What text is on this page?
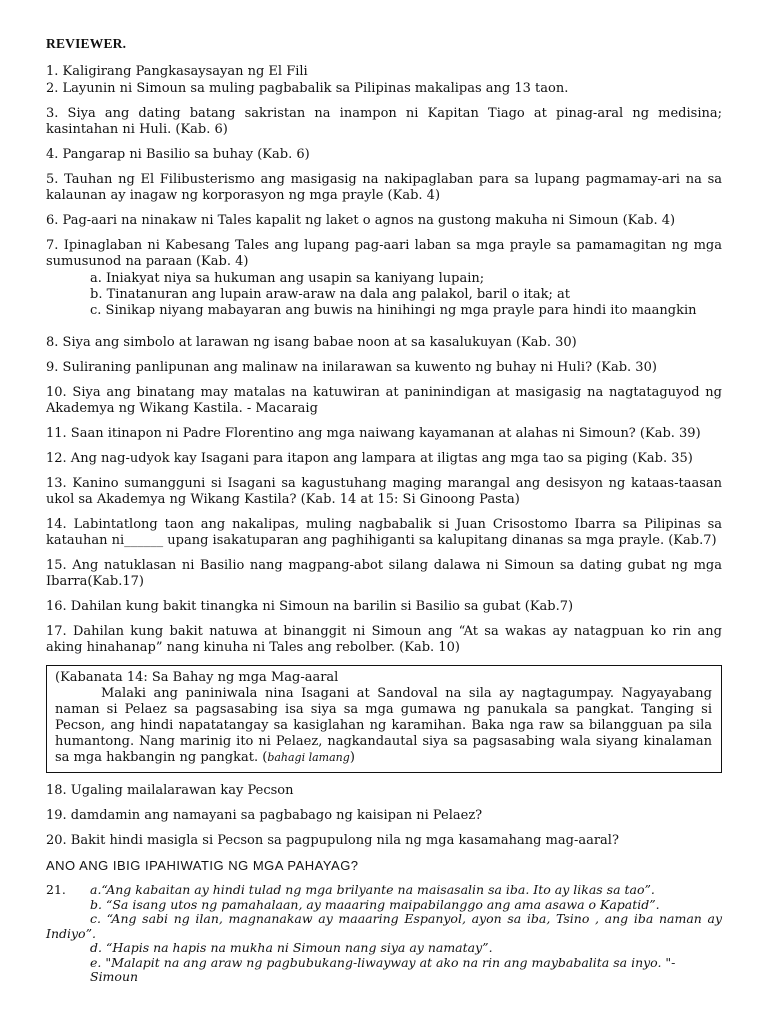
REVIEWER.
1. Kaligirang Pangkasaysayan ng El Fili
2. Layunin ni Simoun sa muling pagbabalik sa Pilipinas makalipas ang 13 taon.
3. Siya ang dating batang sakristan na inampon ni Kapitan Tiago at pinag-aral ng medisina; kasintahan ni Huli. (Kab. 6)
4. Pangarap ni Basilio sa buhay (Kab. 6)
5. Tauhan ng El Filibusterismo ang masigasig na nakipaglaban para sa lupang pagmamay-ari na sa kalaunan ay inagaw ng korporasyon ng mga prayle (Kab. 4)
6. Pag-aari na ninakaw ni Tales kapalit ng laket o agnos na gustong makuha ni Simoun (Kab. 4)
7. Ipinaglaban ni Kabesang Tales ang lupang pag-aari laban sa mga prayle sa pamamagitan ng mga sumusunod na paraan (Kab. 4)
a. Iniakyat niya sa hukuman ang usapin sa kaniyang lupain;
b. Tinatanuran ang lupain araw-araw na dala ang palakol, baril o itak; at
c. Sinikap niyang mabayaran ang buwis na hinihingi ng mga prayle para hindi ito maangkin
8. Siya ang simbolo at larawan ng isang babae noon at sa kasalukuyan (Kab. 30)
9. Suliraning panlipunan ang malinaw na inilarawan sa kuwento ng buhay ni Huli? (Kab. 30)
10. Siya ang binatang may matalas na katuwiran at paninindigan at masigasig na nagtataguyod ng Akademya ng Wikang Kastila. - Macaraig
11. Saan itinapon ni Padre Florentino ang mga naiwang kayamanan at alahas ni Simoun? (Kab. 39)
12. Ang nag-udyok kay Isagani para itapon ang lampara at iligtas ang mga tao sa piging (Kab. 35)
13. Kanino sumangguni si Isagani sa kagustuhang maging marangal ang desisyon ng kataas-taasan ukol sa Akademya ng Wikang Kastila? (Kab. 14 at 15: Si Ginoong Pasta)
14. Labintatlong taon ang nakalipas, muling nagbabalik si Juan Crisostomo Ibarra sa Pilipinas sa katauhan ni______ upang isakatuparan ang paghihiganti sa kalupitang dinanas sa mga prayle. (Kab.7)
15. Ang natuklasan ni Basilio nang magpang-abot silang dalawa ni Simoun sa dating gubat ng mga Ibarra(Kab.17)
16. Dahilan kung bakit tinangka ni Simoun na barilin si Basilio sa gubat (Kab.7)
17. Dahilan kung bakit natuwa at binanggit ni Simoun ang “At sa wakas ay natagpuan ko rin ang aking hinahanap” nang kinuha ni Tales ang rebolber. (Kab. 10)
(Kabanata 14: Sa Bahay ng mga Mag-aaral
Malaki ang paniniwala nina Isagani at Sandoval na sila ay nagtagumpay. Nagyayabang naman si Pelaez sa pagsasabing isa siya sa mga gumawa ng panukala sa pangkat. Tanging si Pecson, ang hindi napatatangay sa kasiglahan ng karamihan. Baka nga raw sa bilangguan pa sila humantong. Nang marinig ito ni Pelaez, nagkandautal siya sa pagsasabing wala siyang kinalaman sa mga hakbangin ng pangkat. (bahagi lamang)
18. Ugaling mailalarawan kay Pecson
19. damdamin ang namayani sa pagbabago ng kaisipan ni Pelaez?
20. Bakit hindi masigla si Pecson sa pagpupulong nila ng mga kasamahang mag-aaral?
ANO ANG IBIG IPAHIWATIG NG MGA PAHAYAG?
21.	a.“Ang kabaitan ay hindi tulad ng mga brilyante na maisasalin sa iba. Ito ay likas sa tao”.
b. “Sa isang utos ng pamahalaan, ay maaaring maipabilanggo ang ama asawa o Kapatid”.
c. “Ang sabi ng ilan, magnanakaw ay maaaring Espanyol, ayon sa iba, Tsino , ang iba naman ay Indiyo”.
d. “Hapis na hapis na mukha ni Simoun nang siya ay namatay”.
e. "Malapit na ang araw ng pagbubukang-liwayway at ako na rin ang maybabalita sa inyo. "- Simoun
